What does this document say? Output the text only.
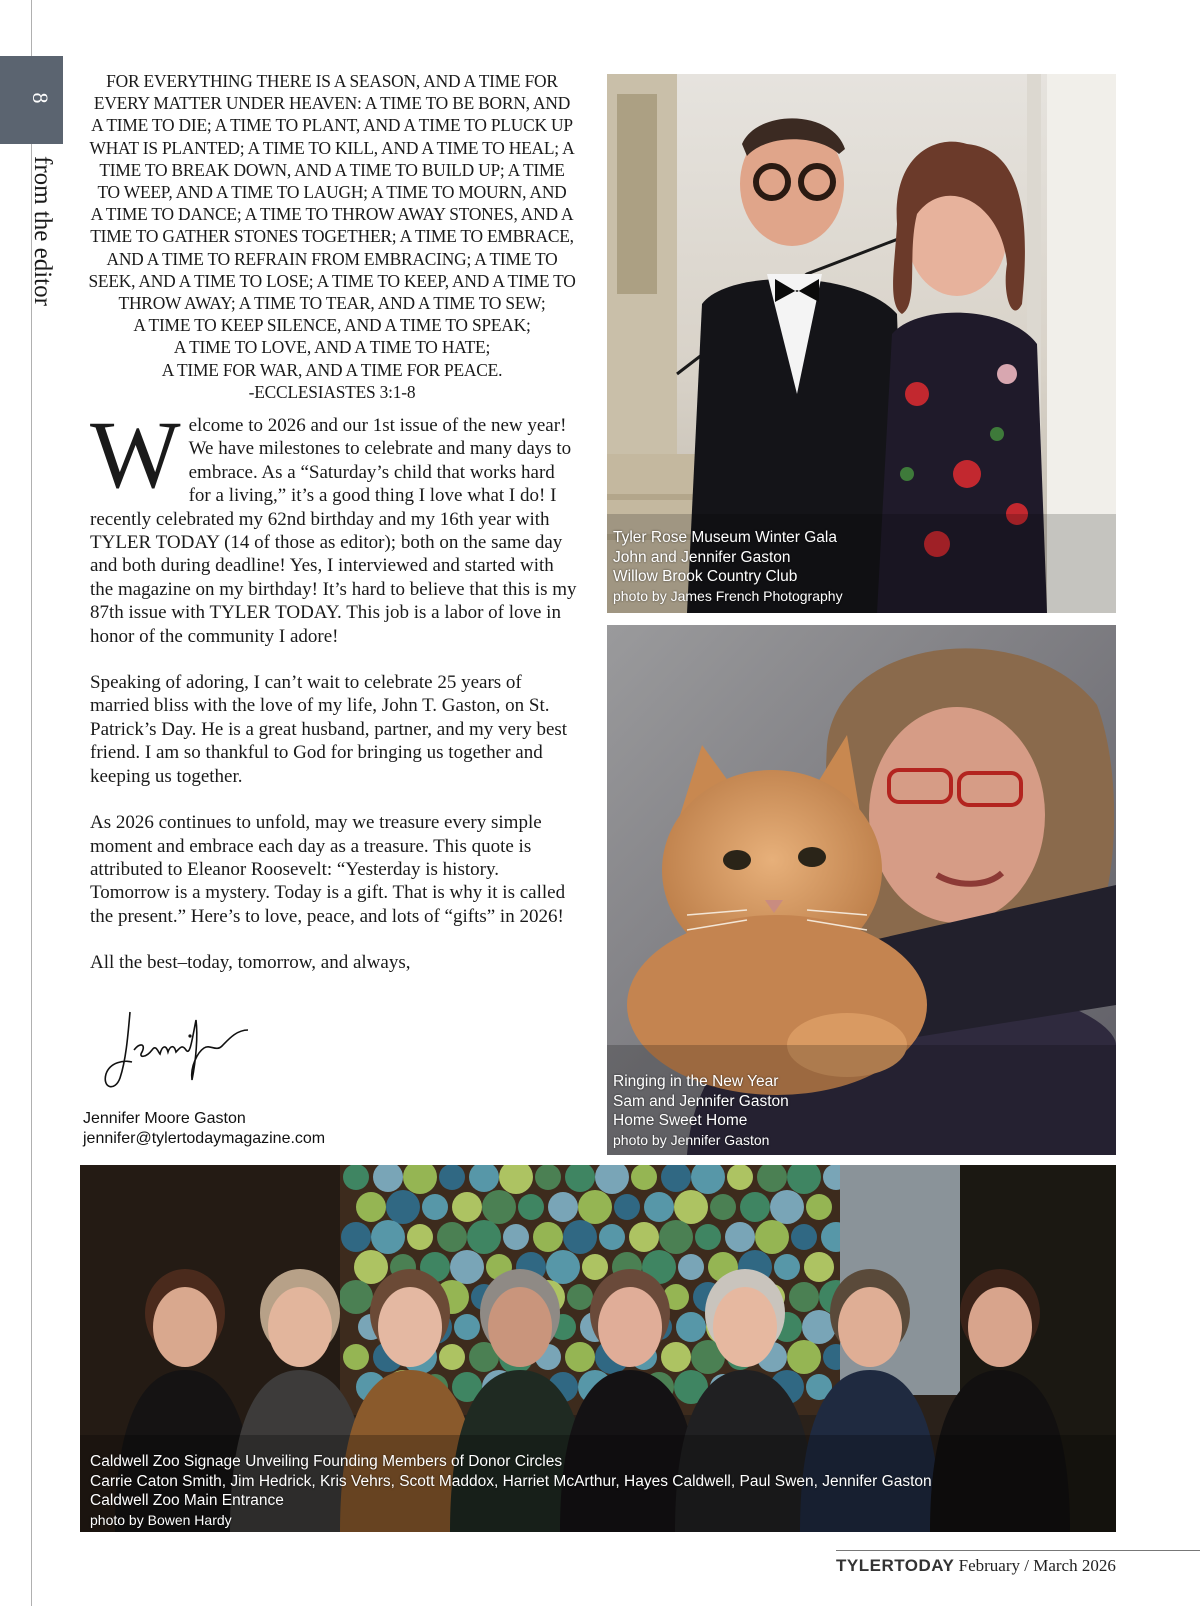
8
from the editor

FOR EVERYTHING THERE IS A SEASON, AND A TIME FOR

EVERY MATTER UNDER HEAVEN: A TIME TO BE BORN, AND

A TIME TO DIE; A TIME TO PLANT, AND A TIME TO PLUCK UP

WHAT IS PLANTED; A TIME TO KILL, AND A TIME TO HEAL; A

TIME TO BREAK DOWN, AND A TIME TO BUILD UP; A TIME

TO WEEP, AND A TIME TO LAUGH; A TIME TO MOURN, AND

A TIME TO DANCE; A TIME TO THROW AWAY STONES, AND A

TIME TO GATHER STONES TOGETHER; A TIME TO EMBRACE,

AND A TIME TO REFRAIN FROM EMBRACING; A TIME TO

SEEK, AND A TIME TO LOSE; A TIME TO KEEP, AND A TIME TO

THROW AWAY; A TIME TO TEAR, AND A TIME TO SEW;

A TIME TO KEEP SILENCE, AND A TIME TO SPEAK;

A TIME TO LOVE, AND A TIME TO HATE;

A TIME FOR WAR, AND A TIME FOR PEACE.

-ECCLESIASTES 3:1-8

Welcome to 2026 and our 1st issue of the new year! We have milestones to celebrate and many days to embrace. As a “Saturday’s child that works hard for a living,” it’s a good thing I love what I do! I recently celebrated my 62nd birthday and my 16th year with TYLER TODAY (14 of those as editor); both on the same day and both during deadline! Yes, I interviewed and started with the magazine on my birthday! It’s hard to believe that this is my 87th issue with TYLER TODAY. This job is a labor of love in honor of the community I adore!

Speaking of adoring, I can’t wait to celebrate 25 years of married bliss with the love of my life, John T. Gaston, on St. Patrick’s Day. He is a great husband, partner, and my very best friend. I am so thankful to God for bringing us together and keeping us together.

As 2026 continues to unfold, may we treasure every simple moment and embrace each day as a treasure. This quote is attributed to Eleanor Roosevelt: “Yesterday is history. Tomorrow is a mystery. Today is a gift. That is why it is called the present.” Here’s to love, peace, and lots of “gifts” in 2026!

All the best–today, tomorrow, and always,

Jennifer Moore Gaston
jennifer@tylertodaymagazine.com
Tyler Rose Museum Winter Gala
John and Jennifer Gaston
Willow Brook Country Club
photo by James French Photography
Ringing in the New Year
Sam and Jennifer Gaston
Home Sweet Home
photo by Jennifer Gaston
Caldwell Zoo Signage Unveiling Founding Members of Donor Circles
Carrie Caton Smith, Jim Hedrick, Kris Vehrs, Scott Maddox, Harriet McArthur, Hayes Caldwell, Paul Swen, Jennifer Gaston
Caldwell Zoo Main Entrance
photo by Bowen Hardy
TYLERTODAY February / March 2026
